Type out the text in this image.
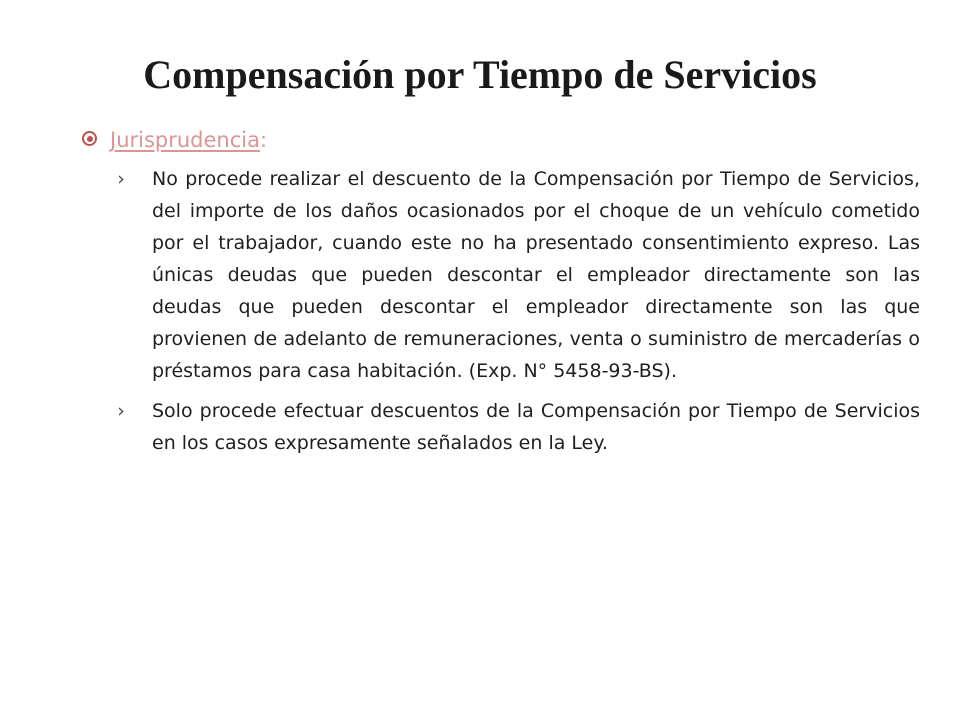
Compensación por Tiempo de Servicios
Jurisprudencia:
› No procede realizar el descuento de la Compensación por Tiempo de Servicios, del importe de los daños ocasionados por el choque de un vehículo cometido por el trabajador, cuando este no ha presentado consentimiento expreso. Las únicas deudas que pueden descontar el empleador directamente son las deudas que pueden descontar el empleador directamente son las que provienen de adelanto de remuneraciones, venta o suministro de mercaderías o préstamos para casa habitación. (Exp. N° 5458-93-BS).
› Solo procede efectuar descuentos de la Compensación por Tiempo de Servicios en los casos expresamente señalados en la Ley.
